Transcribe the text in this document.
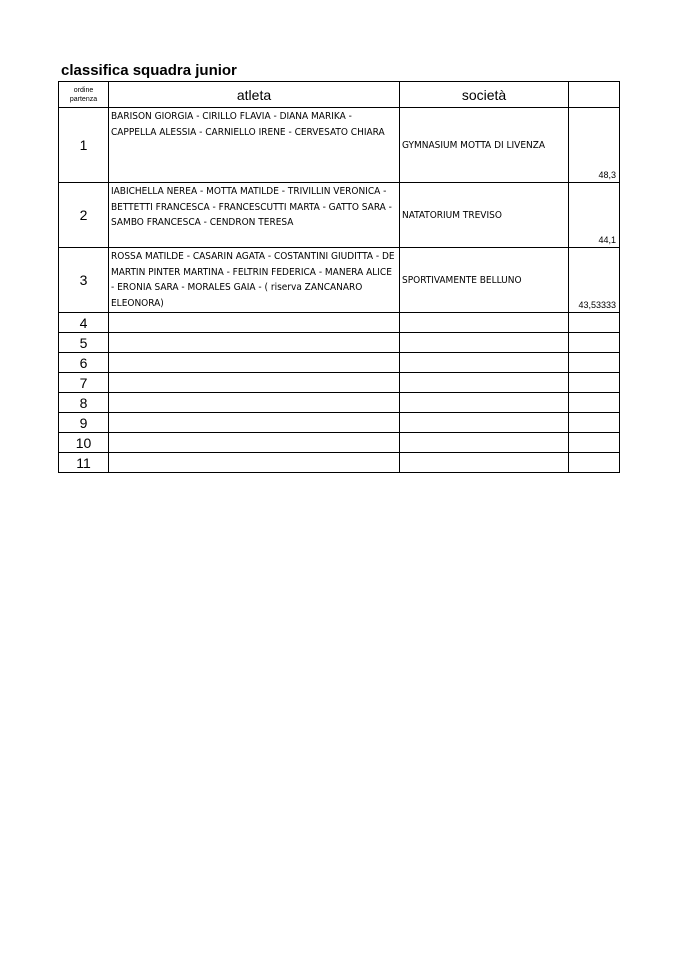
classifica squadra junior
ordine
partenza	atleta	società	
1	BARISON GIORGIA - CIRILLO FLAVIA - DIANA MARIKA - CAPPELLA ALESSIA - CARNIELLO IRENE - CERVESATO CHIARA	GYMNASIUM MOTTA DI LIVENZA	48,3
2	IABICHELLA NEREA - MOTTA MATILDE - TRIVILLIN VERONICA - BETTETTI FRANCESCA - FRANCESCUTTI MARTA - GATTO SARA - SAMBO FRANCESCA - CENDRON TERESA	NATATORIUM TREVISO	44,1
3	ROSSA MATILDE - CASARIN AGATA - COSTANTINI GIUDITTA - DE MARTIN PINTER MARTINA - FELTRIN FEDERICA - MANERA ALICE - ERONIA SARA - MORALES GAIA - ( riserva ZANCANARO ELEONORA)	SPORTIVAMENTE BELLUNO	43,53333
4			
5			
6			
7			
8			
9			
10			
11			
